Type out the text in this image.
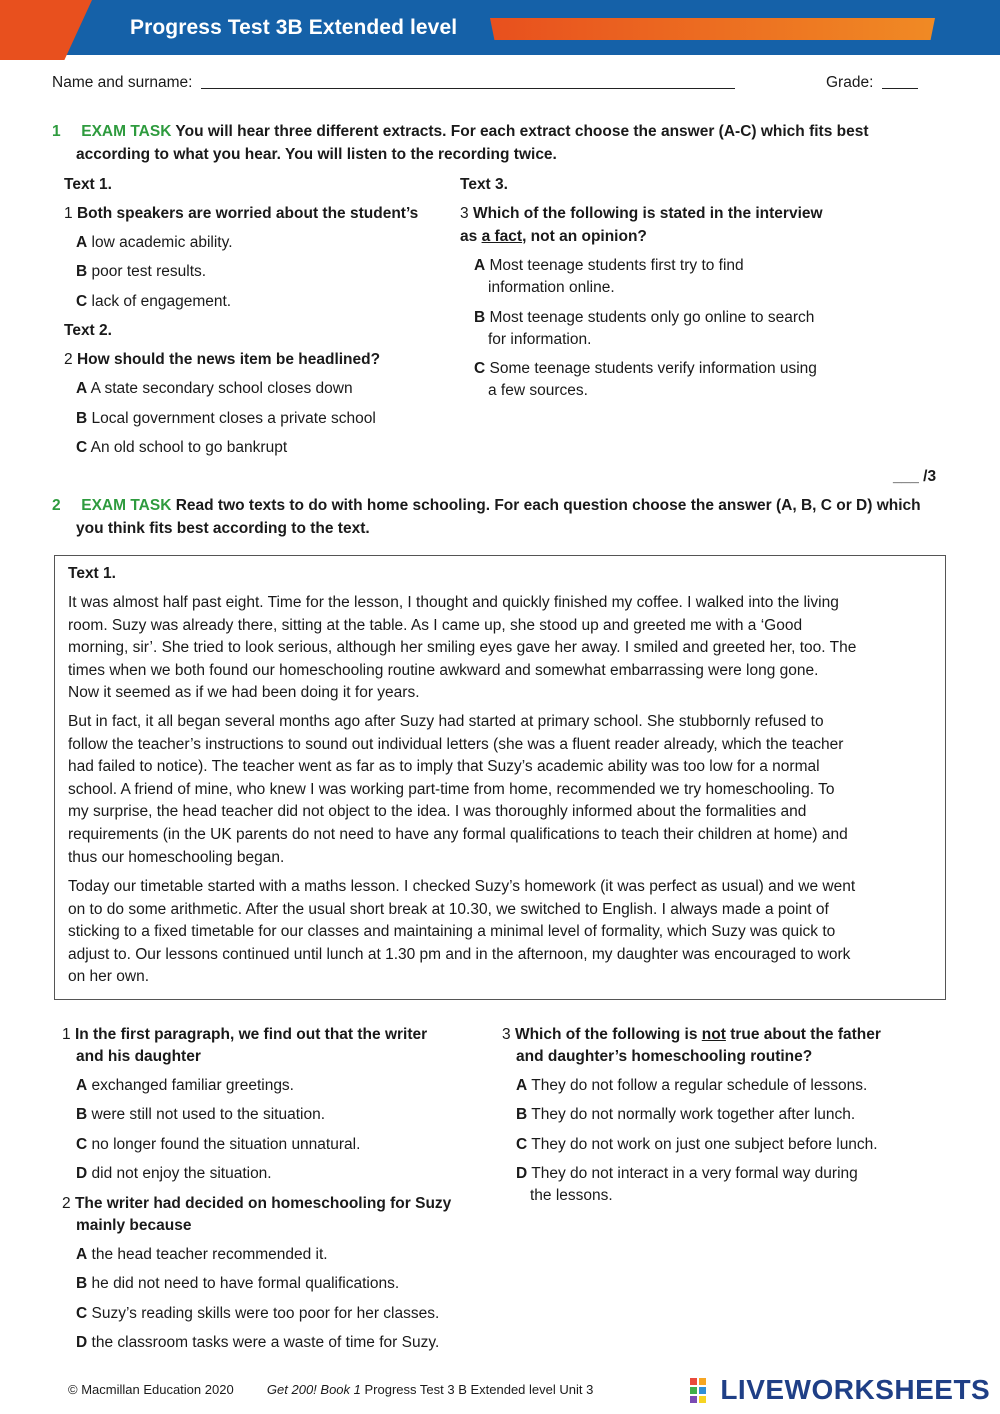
Progress Test 3B Extended level
Name and surname:	Grade:
1 EXAM TASK You will hear three different extracts. For each extract choose the answer (A-C) which fits best
according to what you hear. You will listen to the recording twice.
Text 1.
1 Both speakers are worried about the student’s
A low academic ability.
B poor test results.
C lack of engagement.
Text 2.
2 How should the news item be headlined?
A A state secondary school closes down
B Local government closes a private school
C An old school to go bankrupt
Text 3.
3 Which of the following is stated in the interview
as a fact, not an opinion?
A Most teenage students first try to find
information online.
B Most teenage students only go online to search
for information.
C Some teenage students verify information using
a few sources.
___ /3
2 EXAM TASK Read two texts to do with home schooling. For each question choose the answer (A, B, C or D) which
you think fits best according to the text.
Text 1.
It was almost half past eight. Time for the lesson, I thought and quickly finished my coffee. I walked into the living
room. Suzy was already there, sitting at the table. As I came up, she stood up and greeted me with a ‘Good
morning, sir’. She tried to look serious, although her smiling eyes gave her away. I smiled and greeted her, too. The
times when we both found our homeschooling routine awkward and somewhat embarrassing were long gone.
Now it seemed as if we had been doing it for years.
But in fact, it all began several months ago after Suzy had started at primary school. She stubbornly refused to
follow the teacher’s instructions to sound out individual letters (she was a fluent reader already, which the teacher
had failed to notice). The teacher went as far as to imply that Suzy’s academic ability was too low for a normal
school. A friend of mine, who knew I was working part-time from home, recommended we try homeschooling. To
my surprise, the head teacher did not object to the idea. I was thoroughly informed about the formalities and
requirements (in the UK parents do not need to have any formal qualifications to teach their children at home) and
thus our homeschooling began.
Today our timetable started with a maths lesson. I checked Suzy’s homework (it was perfect as usual) and we went
on to do some arithmetic. After the usual short break at 10.30, we switched to English. I always made a point of
sticking to a fixed timetable for our classes and maintaining a minimal level of formality, which Suzy was quick to
adjust to. Our lessons continued until lunch at 1.30 pm and in the afternoon, my daughter was encouraged to work
on her own.
1 In the first paragraph, we find out that the writer
and his daughter
A exchanged familiar greetings.
B were still not used to the situation.
C no longer found the situation unnatural.
D did not enjoy the situation.
2 The writer had decided on homeschooling for Suzy
mainly because
A the head teacher recommended it.
B he did not need to have formal qualifications.
C Suzy’s reading skills were too poor for her classes.
D the classroom tasks were a waste of time for Suzy.
3 Which of the following is not true about the father
and daughter’s homeschooling routine?
A They do not follow a regular schedule of lessons.
B They do not normally work together after lunch.
C They do not work on just one subject before lunch.
D They do not interact in a very formal way during
the lessons.
© Macmillan Education 2020	Get 200! Book 1 Progress Test 3 B Extended level Unit 3	LIVEWORKSHEETS
